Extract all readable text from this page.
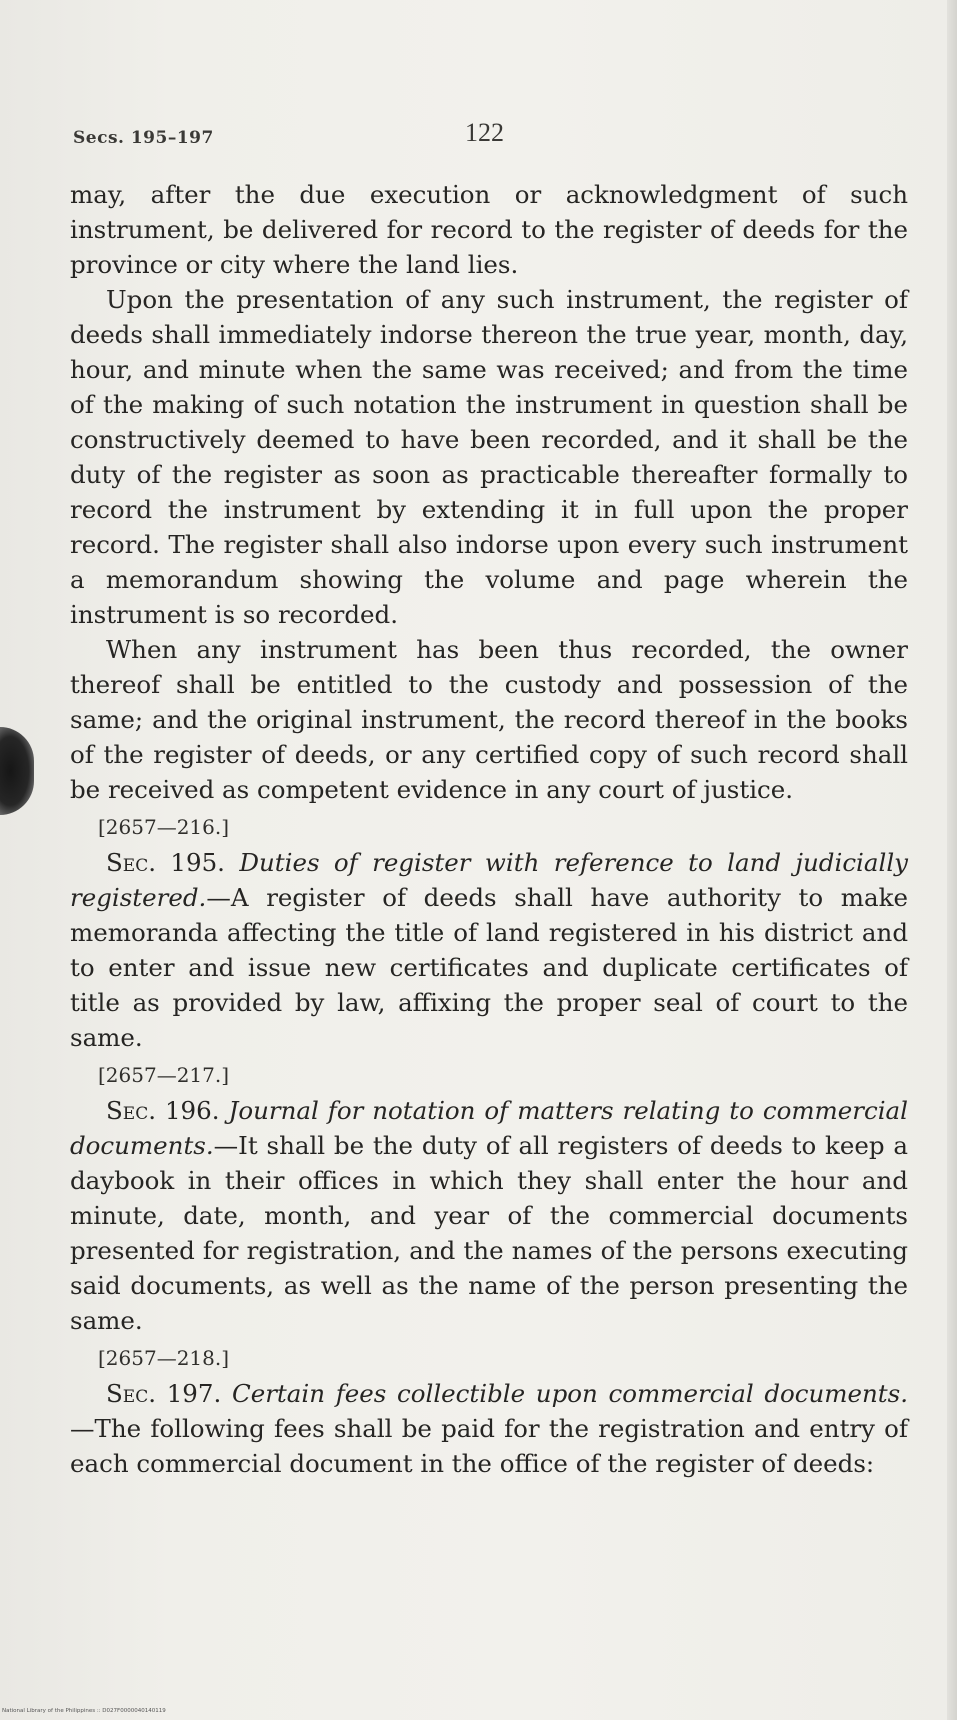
Secs. 195–197	122

may, after the due execution or acknowledgment of such instrument, be delivered for record to the register of deeds for the province or city where the land lies.

Upon the presentation of any such instrument, the register of deeds shall immediately indorse thereon the true year, month, day, hour, and minute when the same was received; and from the time of the making of such notation the instrument in question shall be constructively deemed to have been recorded, and it shall be the duty of the register as soon as practicable thereafter formally to record the instrument by extending it in full upon the proper record. The register shall also indorse upon every such instrument a memorandum showing the volume and page wherein the instrument is so recorded.

When any instrument has been thus recorded, the owner thereof shall be entitled to the custody and possession of the same; and the original instrument, the record thereof in the books of the register of deeds, or any certified copy of such record shall be received as competent evidence in any court of justice.

[2657—216.]

Sec. 195. Duties of register with reference to land judicially registered.—A register of deeds shall have authority to make memoranda affecting the title of land registered in his district and to enter and issue new certificates and duplicate certificates of title as provided by law, affixing the proper seal of court to the same.

[2657—217.]

Sec. 196. Journal for notation of matters relating to commercial documents.—It shall be the duty of all registers of deeds to keep a daybook in their offices in which they shall enter the hour and minute, date, month, and year of the commercial documents presented for registration, and the names of the persons executing said documents, as well as the name of the person presenting the same.

[2657—218.]

Sec. 197. Certain fees collectible upon commercial documents.—The following fees shall be paid for the registration and entry of each commercial document in the office of the register of deeds:

National Library of the Philippines :: D027F0000040140119
